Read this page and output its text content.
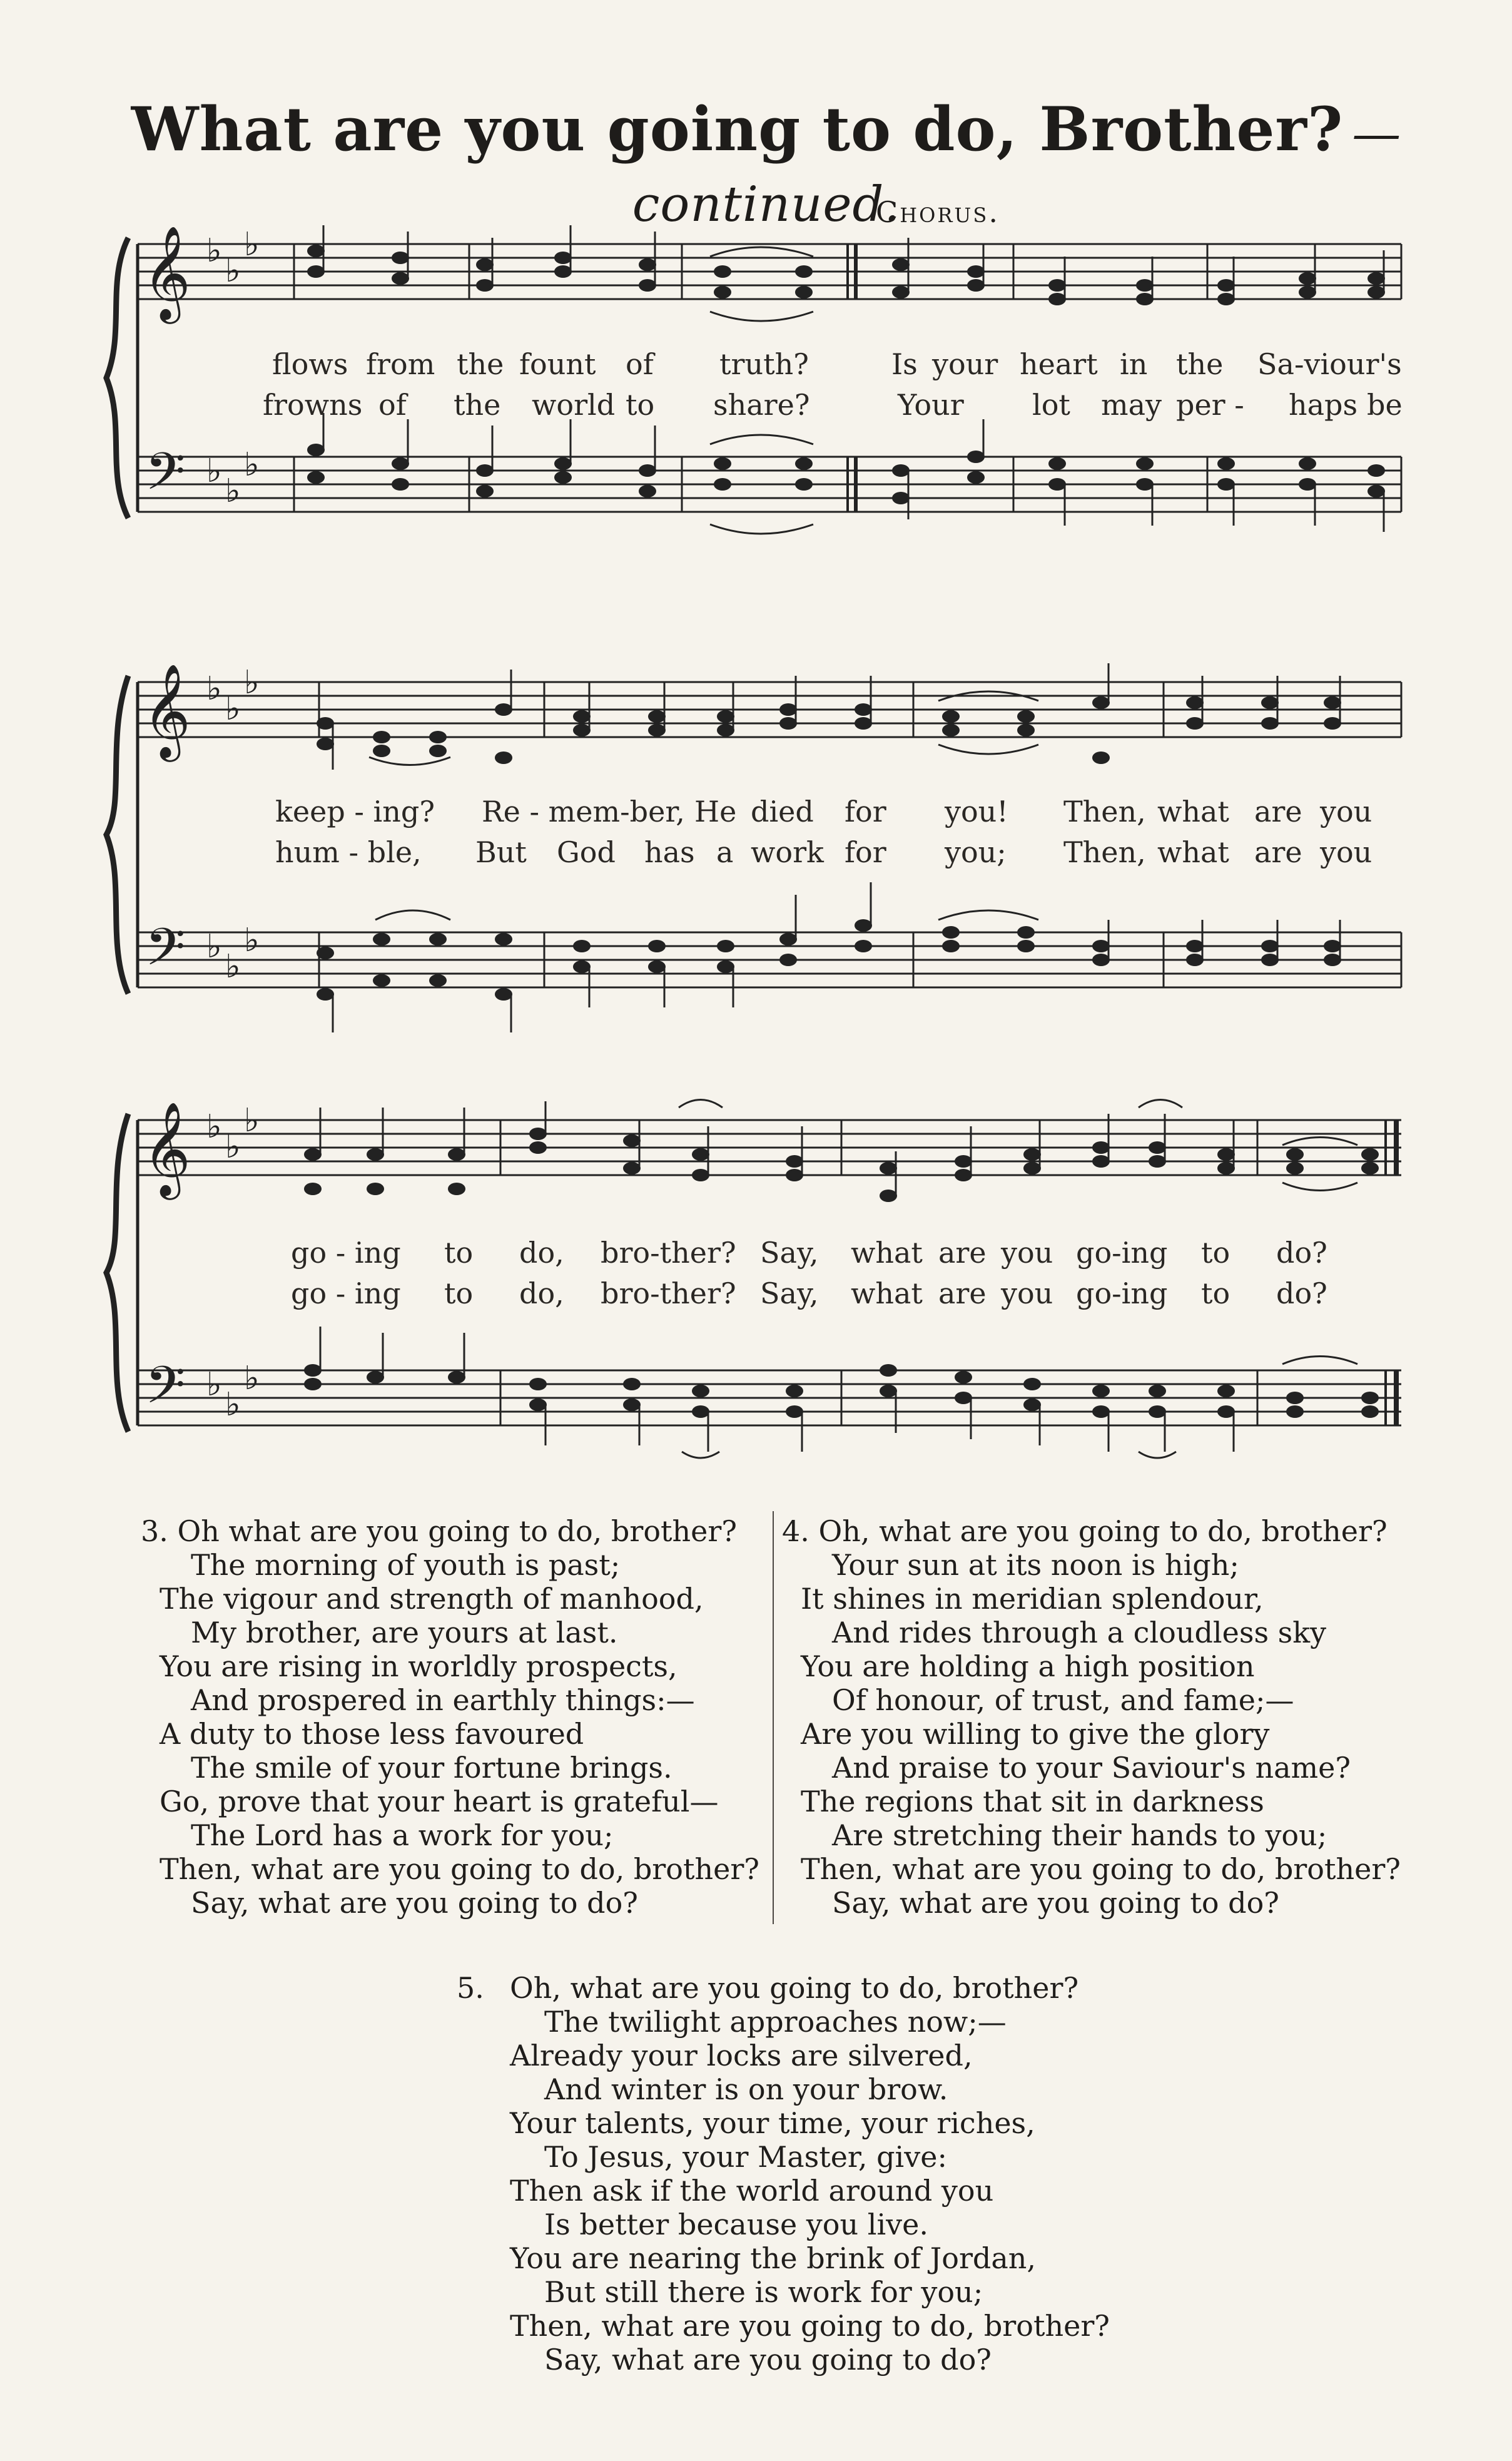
What are you going to do, Brother? —continued.
Chorus.
𝄞
𝄢
♭
♭
♭
♭
♭
♭
flows from the fount of truth?	Is your heart in the Sa-viour's
frowns of the world to share?	Your lot may per - haps be
𝄞
𝄢
♭
♭
♭
♭
♭
♭
keep - ing? Re - mem-ber, He died for you! Then, what are you
hum - ble, But God has a work for you; Then, what are you
𝄞
𝄢
♭
♭
♭
♭
♭
♭
go - ing to do, bro-ther? Say, what are you go-ing to do?
go - ing to do, bro-ther? Say, what are you go-ing to do?
3. Oh what are you going to do, brother?
The morning of youth is past;
The vigour and strength of manhood,
My brother, are yours at last.
You are rising in worldly prospects,
And prospered in earthly things:—
A duty to those less favoured
The smile of your fortune brings.
Go, prove that your heart is grateful—
The Lord has a work for you;
Then, what are you going to do, brother?
Say, what are you going to do?
4. Oh, what are you going to do, brother?
Your sun at its noon is high;
It shines in meridian splendour,
And rides through a cloudless sky
You are holding a high position
Of honour, of trust, and fame;—
Are you willing to give the glory
And praise to your Saviour's name?
The regions that sit in darkness
Are stretching their hands to you;
Then, what are you going to do, brother?
Say, what are you going to do?
5. Oh, what are you going to do, brother?
The twilight approaches now;—
Already your locks are silvered,
And winter is on your brow.
Your talents, your time, your riches,
To Jesus, your Master, give:
Then ask if the world around you
Is better because you live.
You are nearing the brink of Jordan,
But still there is work for you;
Then, what are you going to do, brother?
Say, what are you going to do?
